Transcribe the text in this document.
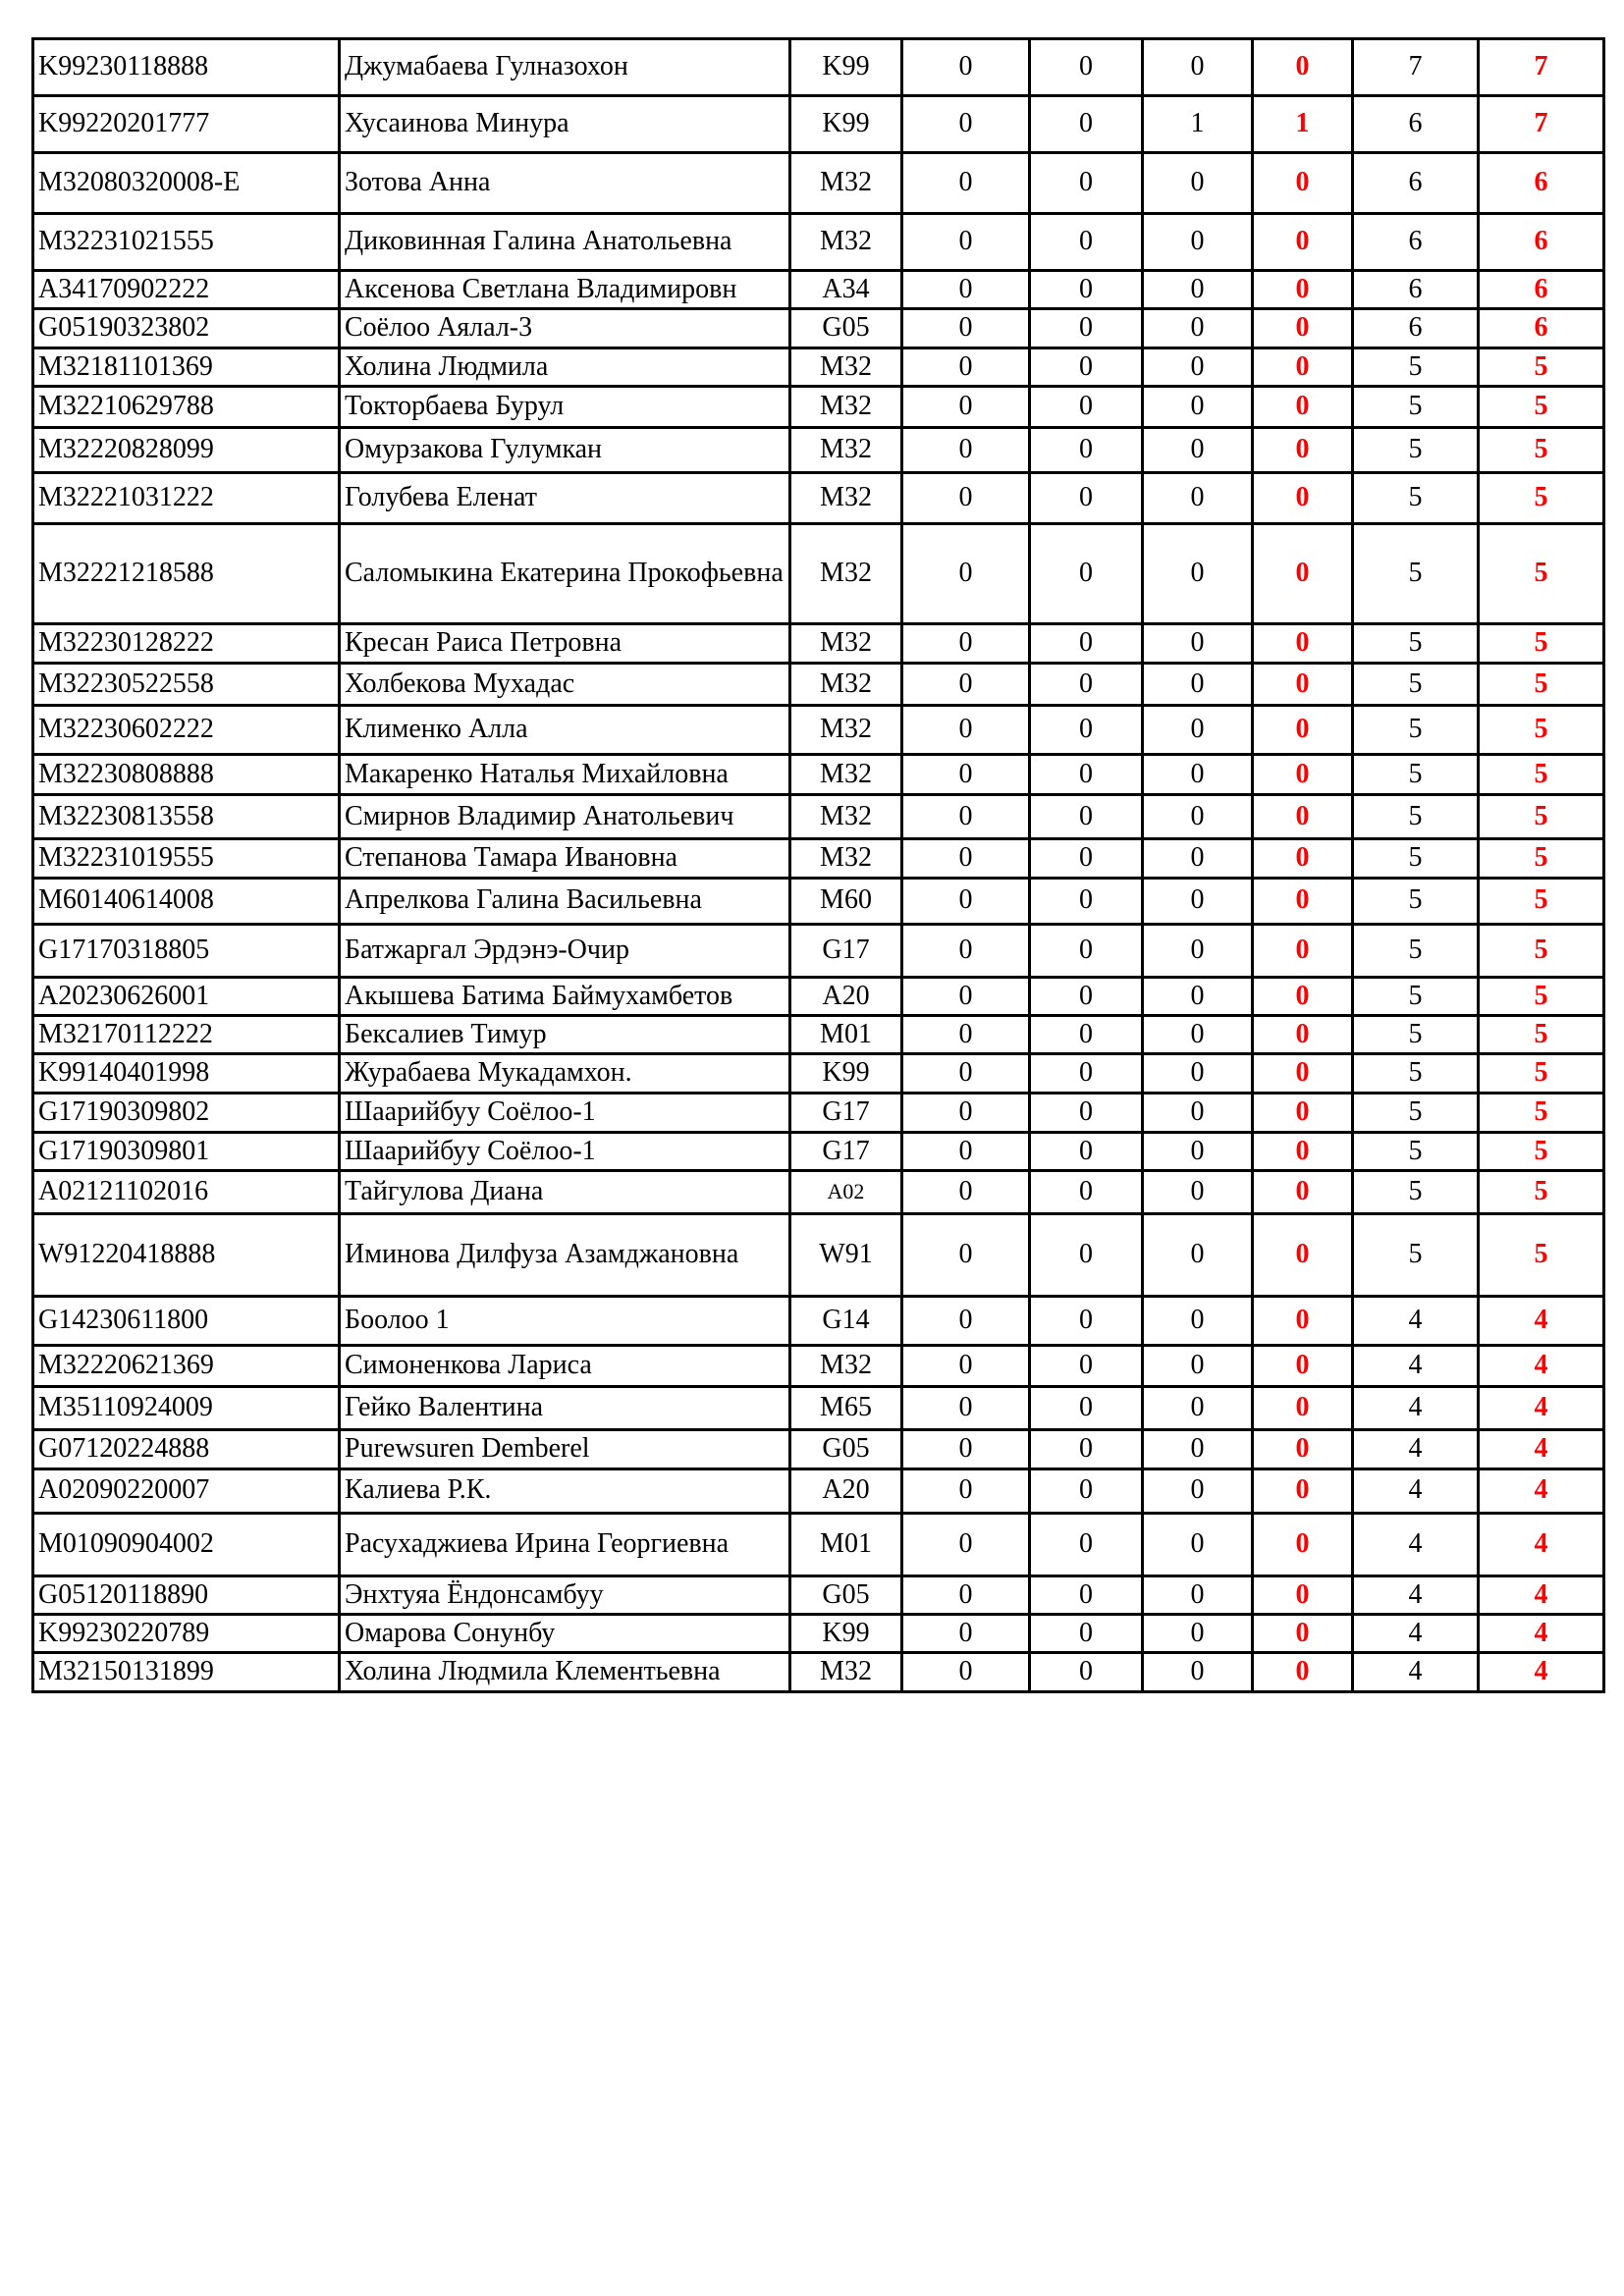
K99230118888	Джумабаева Гулназохон	K99	0	0	0	0	7	7
K99220201777	Хусаинова Минура	K99	0	0	1	1	6	7
M32080320008-E	Зотова Анна	M32	0	0	0	0	6	6
M32231021555	Диковинная Галина Анатольевна	M32	0	0	0	0	6	6
A34170902222	Аксенова Светлана Владимировн	A34	0	0	0	0	6	6
G05190323802	Соёлоо Аялал-3	G05	0	0	0	0	6	6
M32181101369	Холина Людмила	M32	0	0	0	0	5	5
M32210629788	Токторбаева Бурул	M32	0	0	0	0	5	5
M32220828099	Омурзакова Гулумкан	M32	0	0	0	0	5	5
M32221031222	Голубева Еленат	M32	0	0	0	0	5	5
M32221218588	Саломыкина Екатерина Прокофьевна	M32	0	0	0	0	5	5
M32230128222	Кресан Раиса Петровна	M32	0	0	0	0	5	5
M32230522558	Холбекова Мухадас	M32	0	0	0	0	5	5
M32230602222	Клименко Алла	M32	0	0	0	0	5	5
M32230808888	Макаренко Наталья Михайловна	M32	0	0	0	0	5	5
M32230813558	Смирнов Владимир Анатольевич	M32	0	0	0	0	5	5
M32231019555	Степанова Тамара Ивановна	M32	0	0	0	0	5	5
M60140614008	Апрелкова Галина Васильевна	M60	0	0	0	0	5	5
G17170318805	Батжаргал Эрдэнэ-Очир	G17	0	0	0	0	5	5
A20230626001	Акышева Батима Баймухамбетов	A20	0	0	0	0	5	5
M32170112222	Бексалиев Тимур	M01	0	0	0	0	5	5
K99140401998	Журабаева Мукадамхон.	K99	0	0	0	0	5	5
G17190309802	Шаарийбуу Соёлоо-1	G17	0	0	0	0	5	5
G17190309801	Шаарийбуу Соёлоо-1	G17	0	0	0	0	5	5
A02121102016	Тайгулова Диана	A02	0	0	0	0	5	5
W91220418888	Иминова Дилфуза Азамджановна	W91	0	0	0	0	5	5
G14230611800	Боолоо 1	G14	0	0	0	0	4	4
M32220621369	Симоненкова Лариса	M32	0	0	0	0	4	4
M35110924009	Гейко Валентина	M65	0	0	0	0	4	4
G07120224888	Purewsuren Demberel	G05	0	0	0	0	4	4
A02090220007	Калиева Р.К.	A20	0	0	0	0	4	4
M01090904002	Расухаджиева Ирина Георгиевна	M01	0	0	0	0	4	4
G05120118890	Энхтуяа Ёндонсамбуу	G05	0	0	0	0	4	4
K99230220789	Омарова Сонунбу	K99	0	0	0	0	4	4
M32150131899	Холина Людмила Клементьевна	M32	0	0	0	0	4	4
